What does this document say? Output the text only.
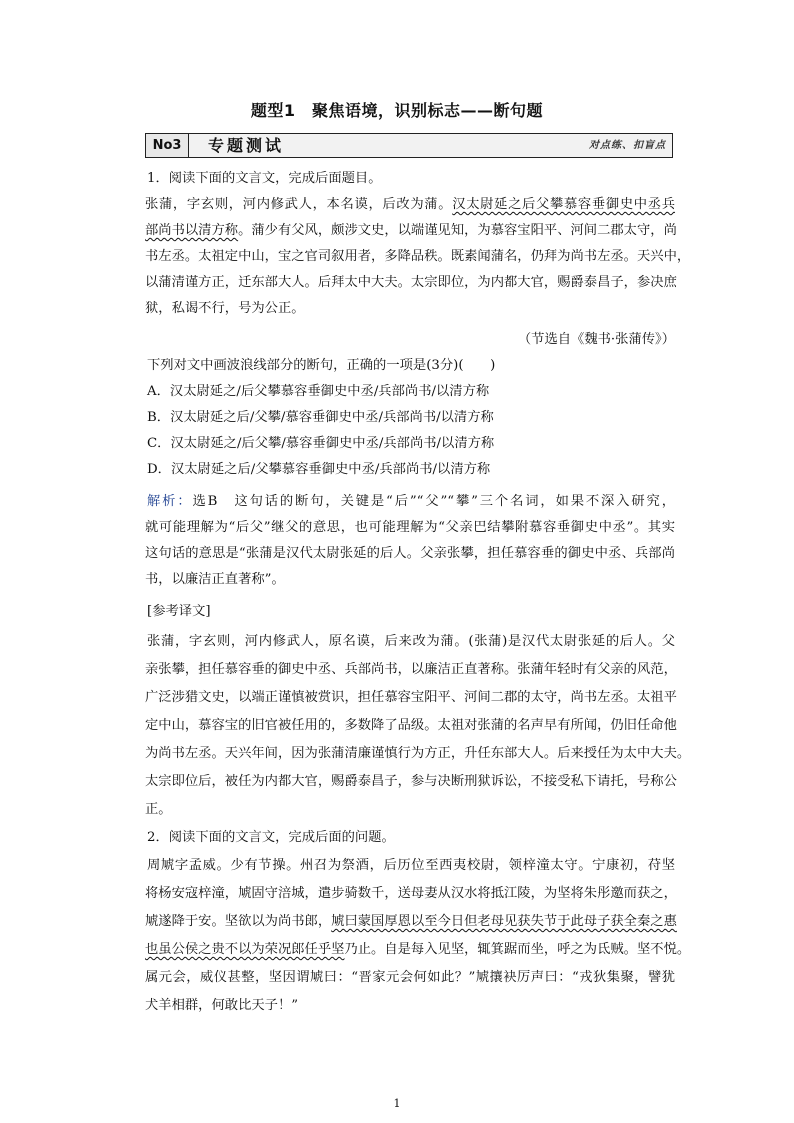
题型1　聚焦语境，识别标志——断句题
No3	专题测试	对点练、扣盲点
1．阅读下面的文言文，完成后面题目。
张蒲，字玄则，河内修武人，本名谟，后改为蒲。汉太尉延之后父攀慕容垂御史中丞兵
部尚书以清方称。蒲少有父风，颇涉文史，以端谨见知，为慕容宝阳平、河间二郡太守，尚
书左丞。太祖定中山，宝之官司叙用者，多降品秩。既素闻蒲名，仍拜为尚书左丞。天兴中，
以蒲清谨方正，迁东部大人。后拜太中大夫。太宗即位，为内都大官，赐爵泰昌子，参决庶
狱，私谒不行，号为公正。
（节选自《魏书·张蒲传》）
下列对文中画波浪线部分的断句，正确的一项是(3分)(　　)
A．汉太尉延之/后父攀慕容垂御史中丞/兵部尚书/以清方称
B．汉太尉延之后/父攀/慕容垂御史中丞/兵部尚书/以清方称
C．汉太尉延之/后父攀/慕容垂御史中丞/兵部尚书/以清方称
D．汉太尉延之后/父攀慕容垂御史中丞/兵部尚书/以清方称
解析：选B　这句话的断句，关键是“后”“父”“攀”三个名词，如果不深入研究，
就可能理解为“后父”继父的意思，也可能理解为“父亲巴结攀附慕容垂御史中丞”。其实
这句话的意思是“张蒲是汉代太尉张延的后人。父亲张攀，担任慕容垂的御史中丞、兵部尚
书，以廉洁正直著称”。
[参考译文]
张蒲，字玄则，河内修武人，原名谟，后来改为蒲。(张蒲)是汉代太尉张延的后人。父
亲张攀，担任慕容垂的御史中丞、兵部尚书，以廉洁正直著称。张蒲年轻时有父亲的风范，
广泛涉猎文史，以端正谨慎被赏识，担任慕容宝阳平、河间二郡的太守，尚书左丞。太祖平
定中山，慕容宝的旧官被任用的，多数降了品级。太祖对张蒲的名声早有所闻，仍旧任命他
为尚书左丞。天兴年间，因为张蒲清廉谨慎行为方正，升任东部大人。后来授任为太中大夫。
太宗即位后，被任为内都大官，赐爵泰昌子，参与决断刑狱诉讼，不接受私下请托，号称公
正。
2．阅读下面的文言文，完成后面的问题。
周虓字孟威。少有节操。州召为祭酒，后历位至西夷校尉，领梓潼太守。宁康初，苻坚
将杨安寇梓潼，虓固守涪城，遣步骑数千，送母妻从汉水将抵江陵，为坚将朱彤邀而获之，
虓遂降于安。坚欲以为尚书郎，虓曰蒙国厚恩以至今日但老母见获失节于此母子获全秦之惠
也虽公侯之贵不以为荣况郎任乎坚乃止。自是每入见坚，辄箕踞而坐，呼之为氐贼。坚不悦。
属元会，威仪甚整，坚因谓虓曰：“晋家元会何如此？”虓攘袂厉声曰：“戎狄集聚，譬犹
犬羊相群，何敢比天子！”
1
